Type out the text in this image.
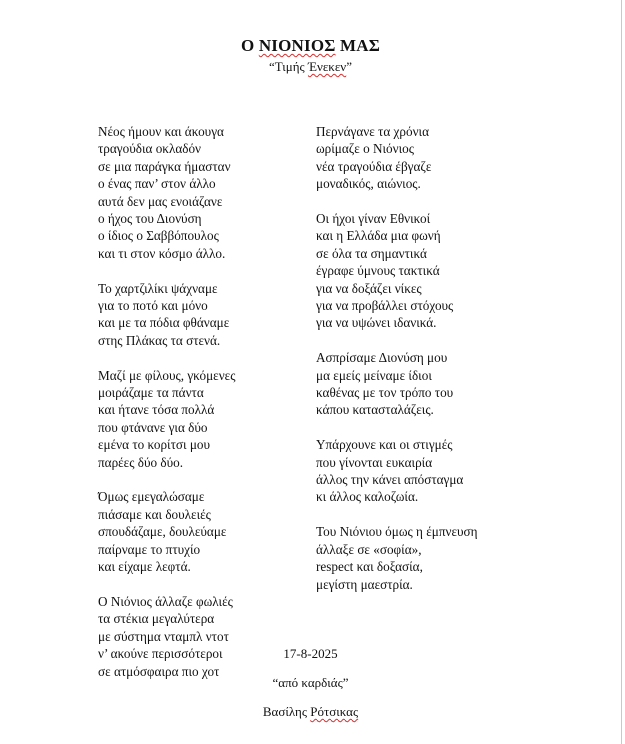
Ο ΝΙΟΝΙΟΣ ΜΑΣ
“Τιμής Ένεκεν”
Νέος ήμουν και άκουγα
τραγούδια οκλαδόν
σε μια παράγκα ήμασταν
ο ένας παν’ στον άλλο
αυτά δεν μας ενοιάζανε
ο ήχος του Διονύση
ο ίδιος ο Σαββόπουλος
και τι στον κόσμο άλλο.
Το χαρτζιλίκι ψάχναμε
για το ποτό και μόνο
και με τα πόδια φθάναμε
στης Πλάκας τα στενά.
Μαζί με φίλους, γκόμενες
μοιράζαμε τα πάντα
και ήτανε τόσα πολλά
που φτάνανε για δύο
εμένα το κορίτσι μου
παρέες δύο δύο.
Όμως εμεγαλώσαμε
πιάσαμε και δουλειές
σπουδάζαμε, δουλεύαμε
παίρναμε το πτυχίο
και είχαμε λεφτά.
Ο Νιόνιος άλλαζε φωλιές
τα στέκια μεγαλύτερα
με σύστημα νταμπλ ντοτ
ν’ ακούνε περισσότεροι
σε ατμόσφαιρα πιο χοτ
Περνάγανε τα χρόνια
ωρίμαζε ο Νιόνιος
νέα τραγούδια έβγαζε
μοναδικός, αιώνιος.
Οι ήχοι γίναν Εθνικοί
και η Ελλάδα μια φωνή
σε όλα τα σημαντικά
έγραφε ύμνους τακτικά
για να δοξάζει νίκες
για να προβάλλει στόχους
για να υψώνει ιδανικά.
Ασπρίσαμε Διονύση μου
μα εμείς μείναμε ίδιοι
καθένας με τον τρόπο του
κάπου κατασταλάζεις.
Υπάρχουνε και οι στιγμές
που γίνονται ευκαιρία
άλλος την κάνει απόσταγμα
κι άλλος καλοζωία.
Του Νιόνιου όμως η έμπνευση
άλλαξε σε «σοφία»,
respect και δοξασία,
μεγίστη μαεστρία.
17-8-2025
“από καρδιάς”
Βασίλης Ρότσικας
